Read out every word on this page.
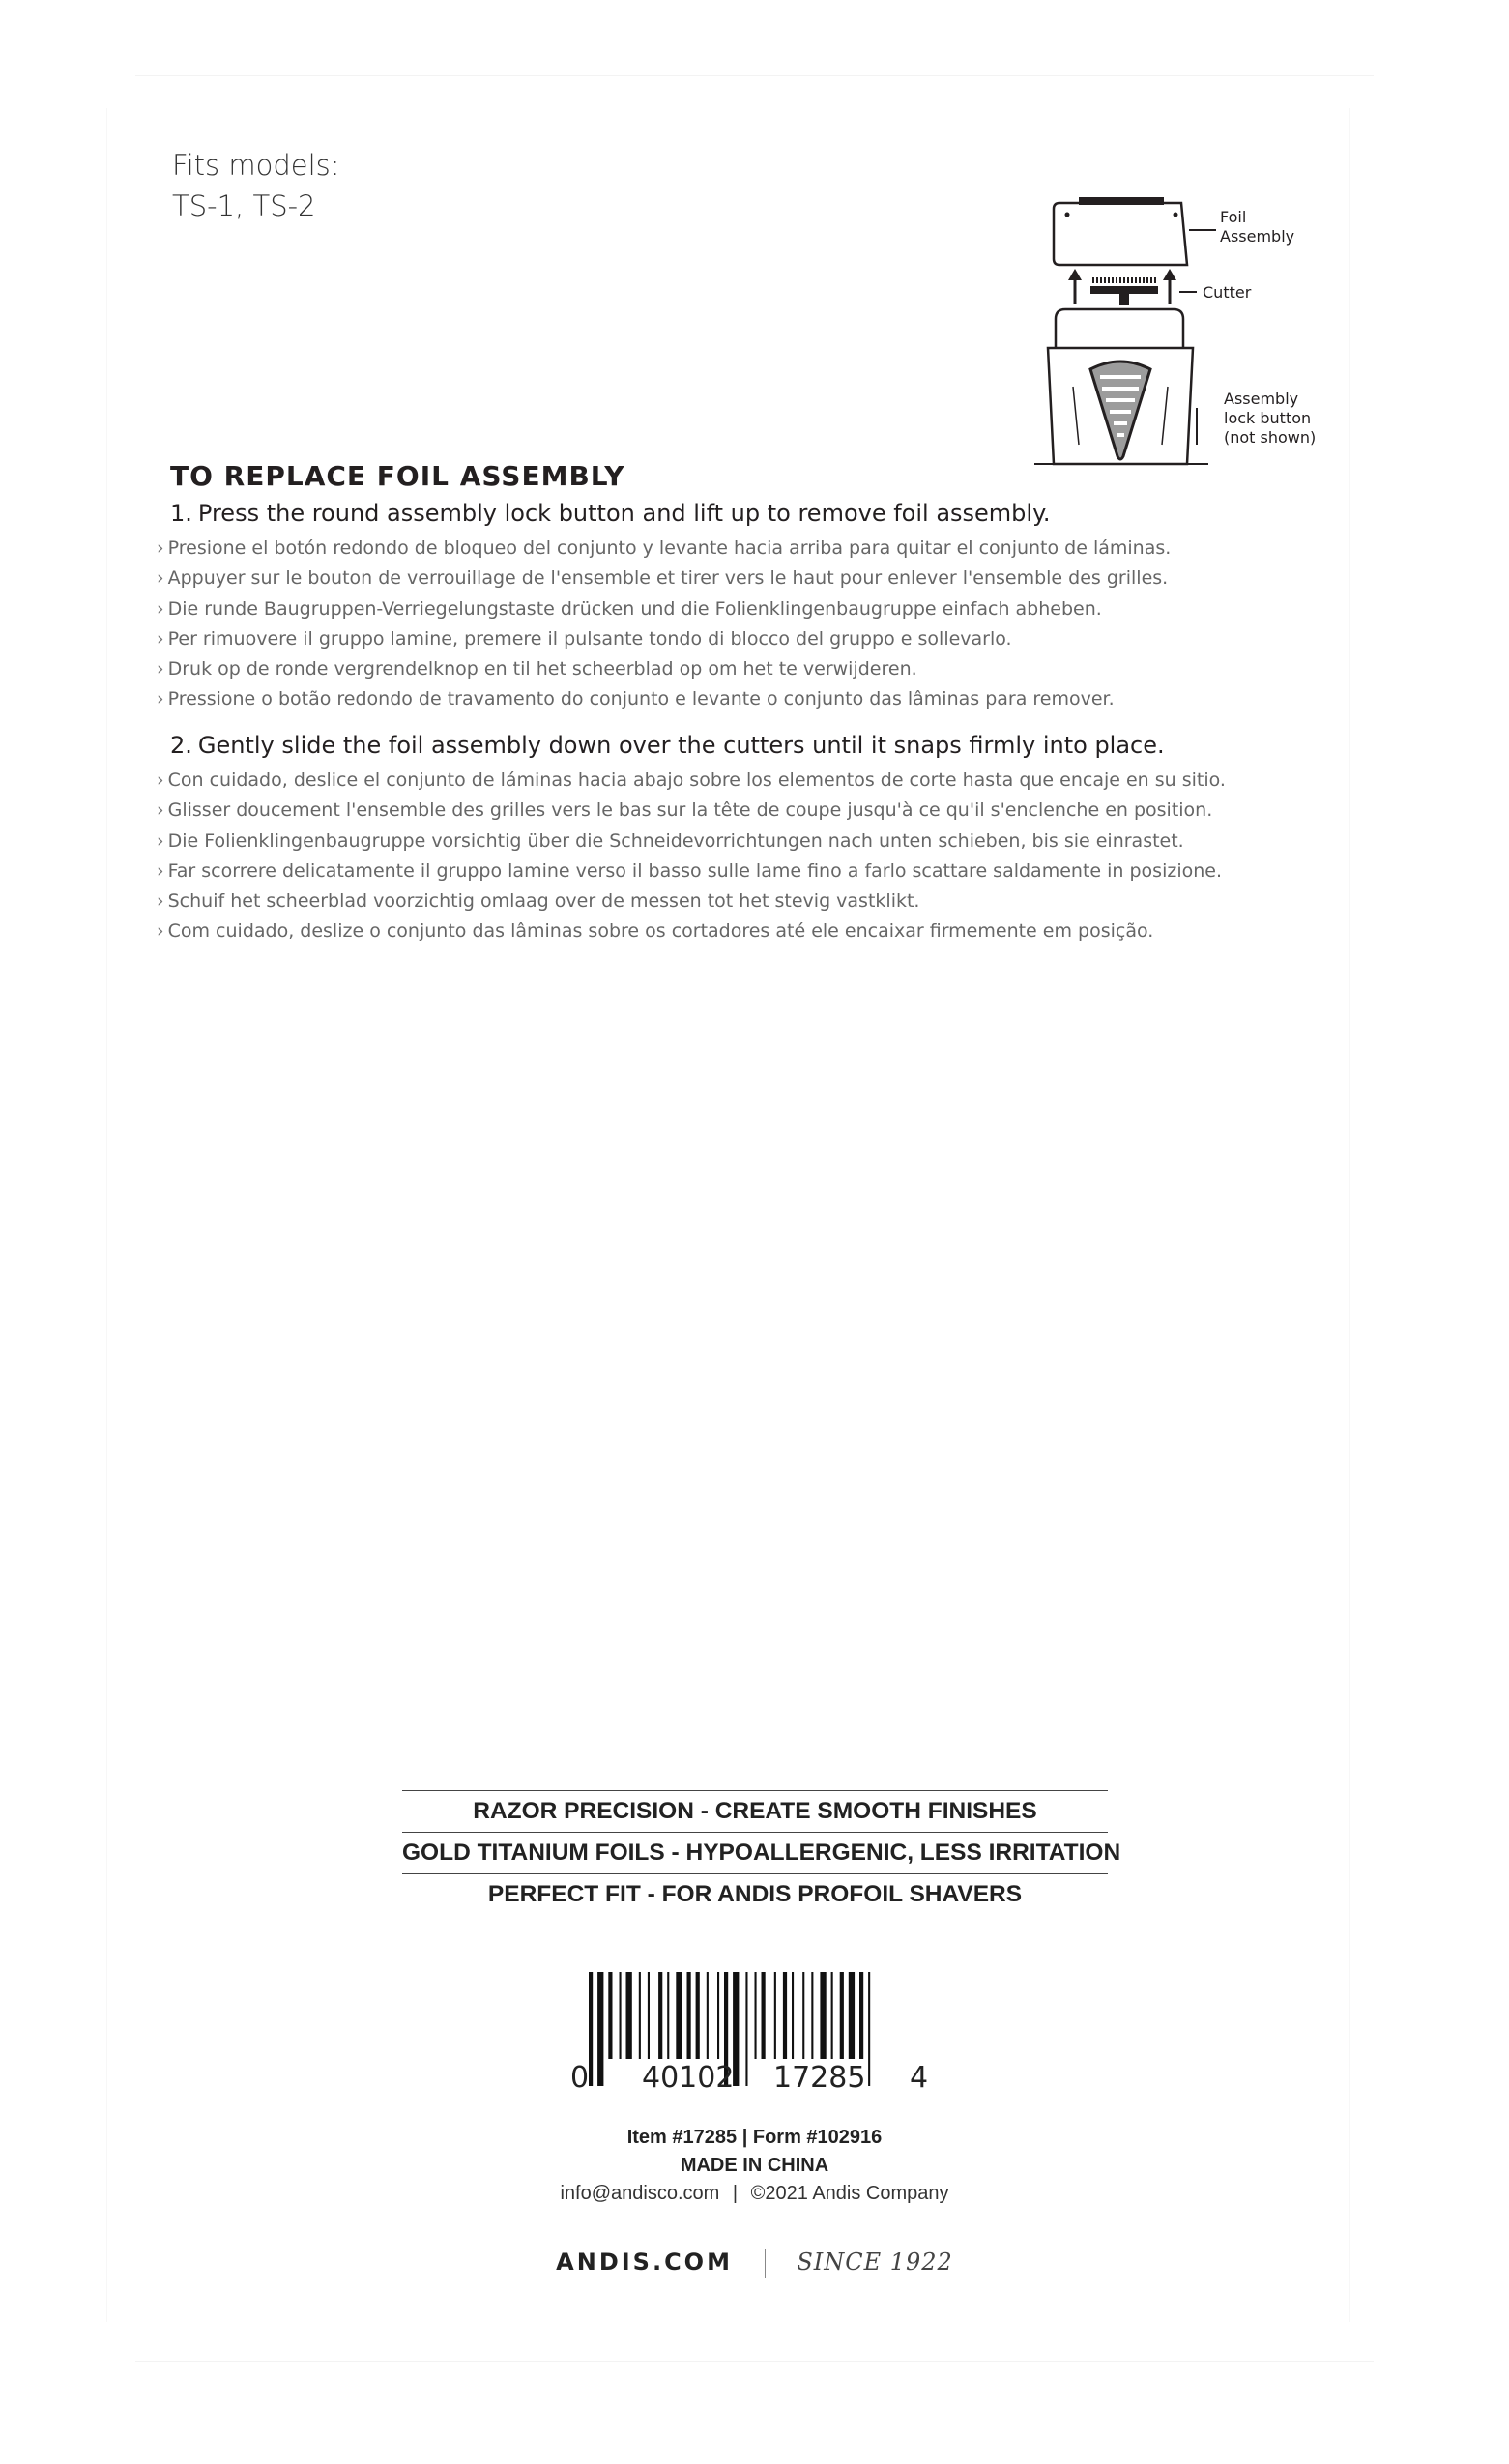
Fits models:
TS-1, TS-2	Foil
Assembly
Cutter
Assembly
lock button
(not shown)
TO REPLACE FOIL ASSEMBLY

1. Press the round assembly lock button and lift up to remove foil assembly.

› Presione el botón redondo de bloqueo del conjunto y levante hacia arriba para quitar el conjunto de láminas.
› Appuyer sur le bouton de verrouillage de l'ensemble et tirer vers le haut pour enlever l'ensemble des grilles.
› Die runde Baugruppen-Verriegelungstaste drücken und die Folienklingenbaugruppe einfach abheben.
› Per rimuovere il gruppo lamine, premere il pulsante tondo di blocco del gruppo e sollevarlo.
› Druk op de ronde vergrendelknop en til het scheerblad op om het te verwijderen.
› Pressione o botão redondo de travamento do conjunto e levante o conjunto das lâminas para remover.

2. Gently slide the foil assembly down over the cutters until it snaps firmly into place.

› Con cuidado, deslice el conjunto de láminas hacia abajo sobre los elementos de corte hasta que encaje en su sitio.
› Glisser doucement l'ensemble des grilles vers le bas sur la tête de coupe jusqu'à ce qu'il s'enclenche en position.
› Die Folienklingenbaugruppe vorsichtig über die Schneidevorrichtungen nach unten schieben, bis sie einrastet.
› Far scorrere delicatamente il gruppo lamine verso il basso sulle lame fino a farlo scattare saldamente in posizione.
› Schuif het scheerblad voorzichtig omlaag over de messen tot het stevig vastklikt.
› Com cuidado, deslize o conjunto das lâminas sobre os cortadores até ele encaixar firmemente em posição.
RAZOR PRECISION - CREATE SMOOTH FINISHES
GOLD TITANIUM FOILS - HYPOALLERGENIC, LESS IRRITATION
PERFECT FIT - FOR ANDIS PROFOIL SHAVERS
0 40102 17285 4
Item #17285 | Form #102916
MADE IN CHINA
info@andisco.com | ©2021 Andis Company
ANDIS.COM	SINCE 1922
